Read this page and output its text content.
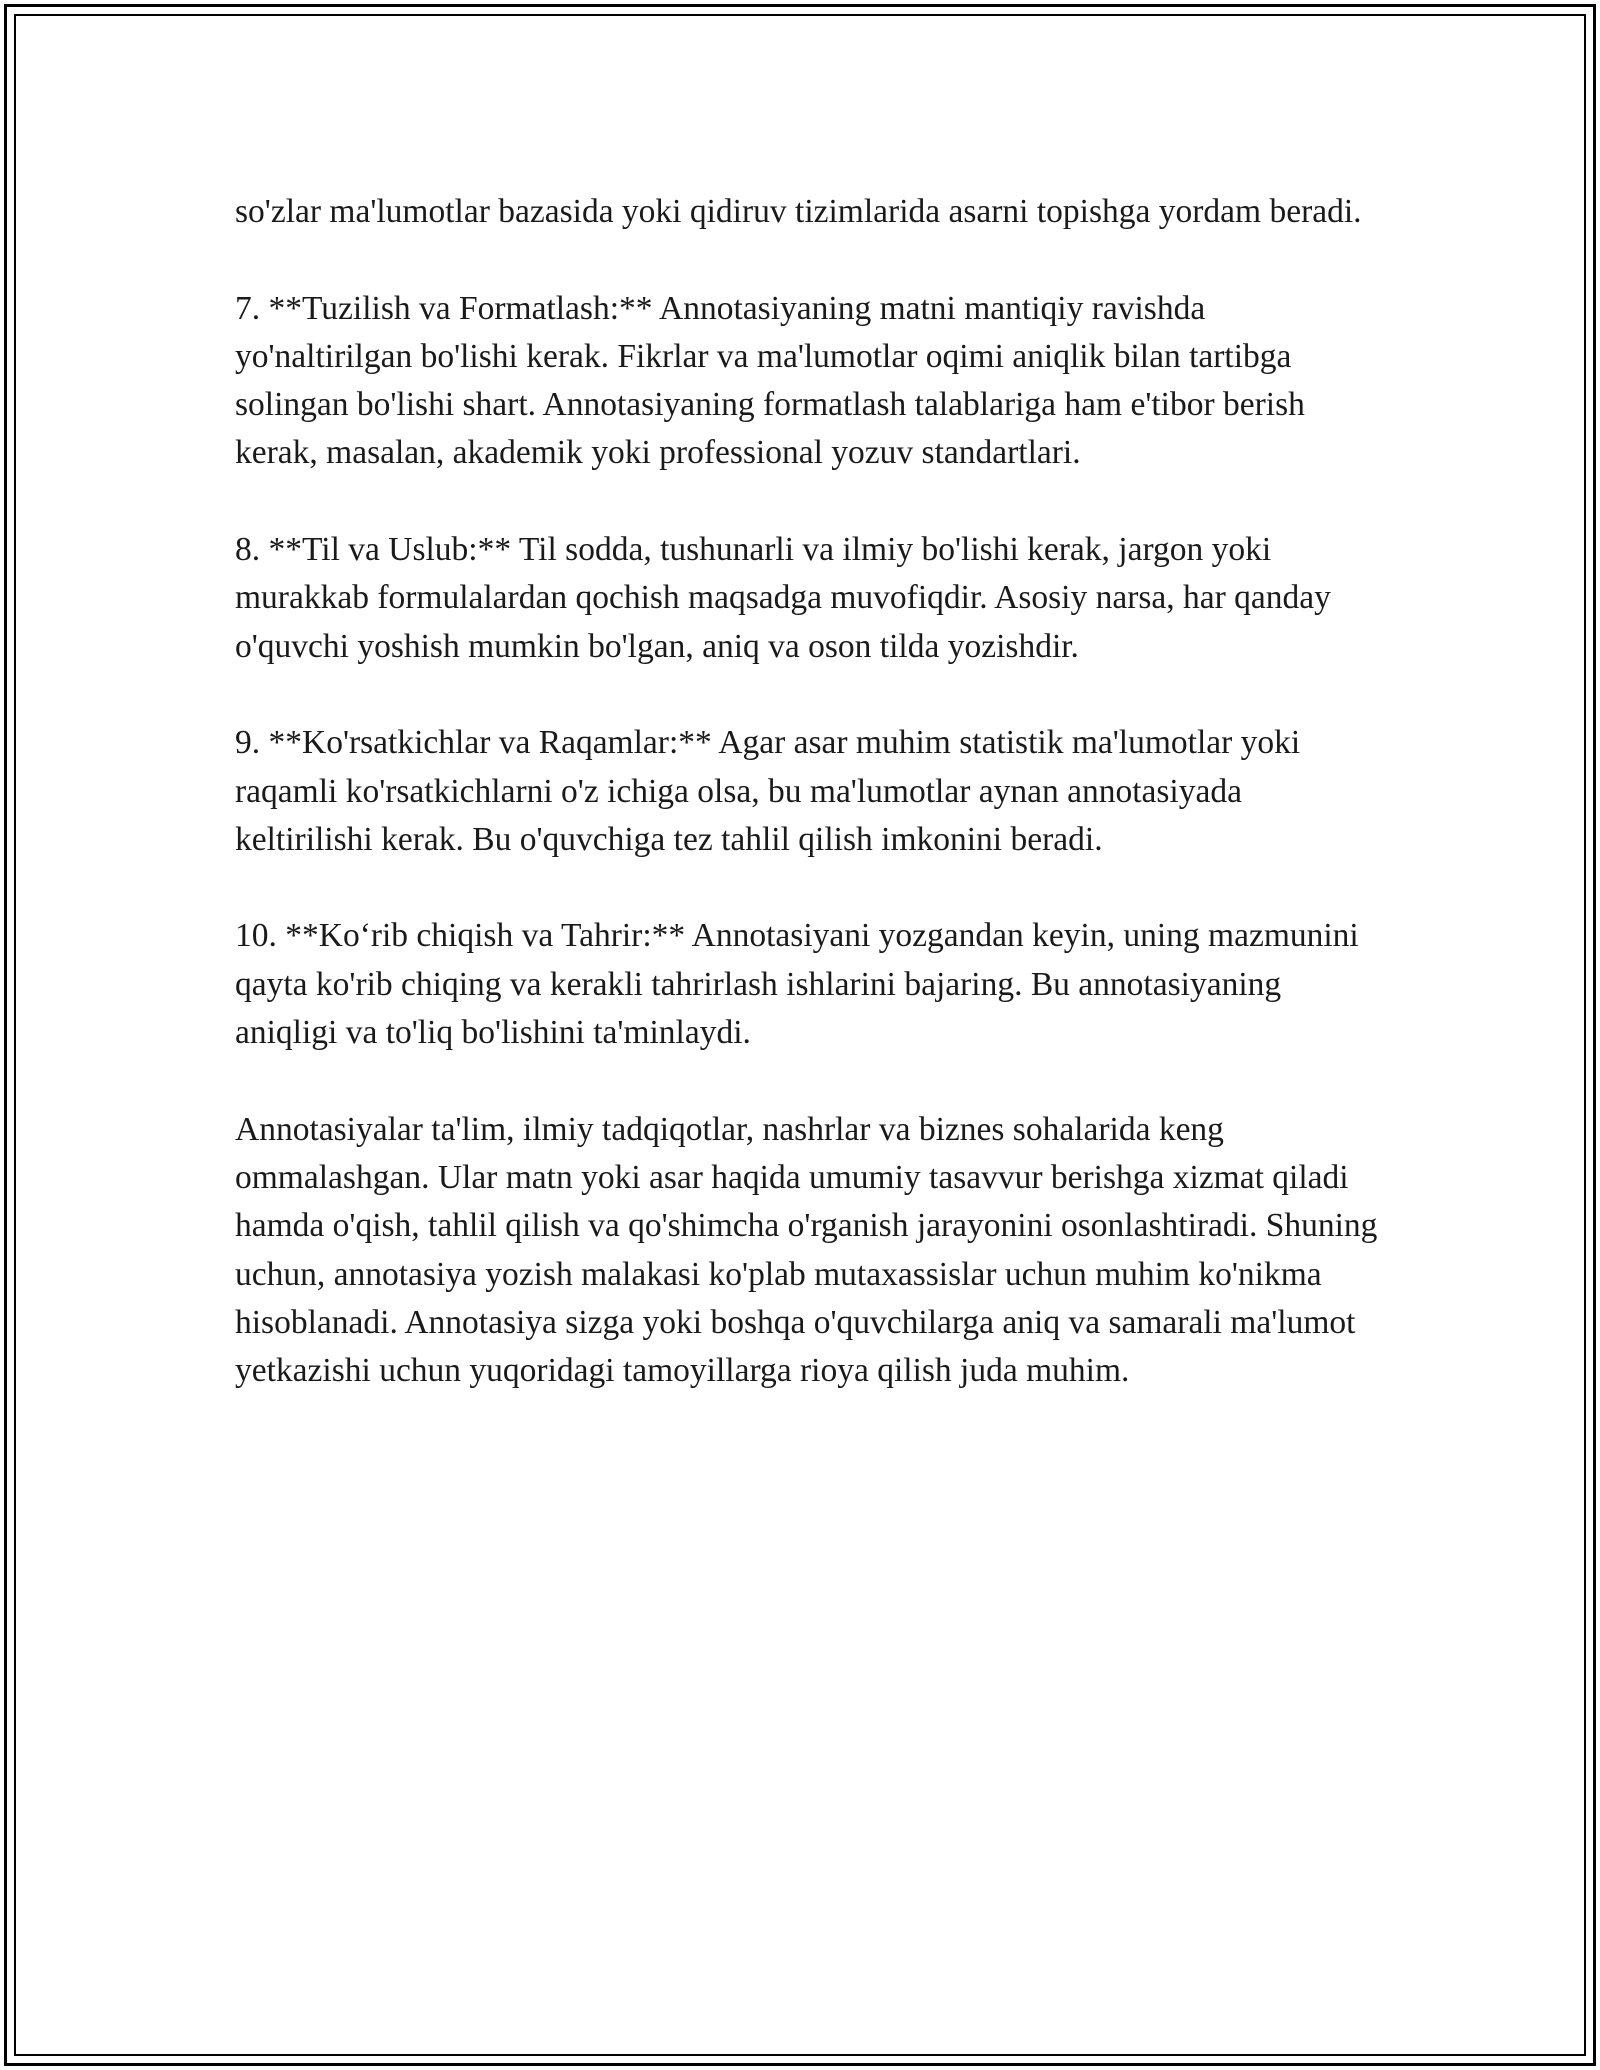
so'zlar ma'lumotlar bazasida yoki qidiruv tizimlarida asarni topishga yordam beradi.

7. **Tuzilish va Formatlash:** Annotasiyaning matni mantiqiy ravishda yo'naltirilgan bo'lishi kerak. Fikrlar va ma'lumotlar oqimi aniqlik bilan tartibga solingan bo'lishi shart. Annotasiyaning formatlash talablariga ham e'tibor berish kerak, masalan, akademik yoki professional yozuv standartlari.

8. **Til va Uslub:** Til sodda, tushunarli va ilmiy bo'lishi kerak, jargon yoki murakkab formulalardan qochish maqsadga muvofiqdir. Asosiy narsa, har qanday o'quvchi yoshish mumkin bo'lgan, aniq va oson tilda yozishdir.

9. **Ko'rsatkichlar va Raqamlar:** Agar asar muhim statistik ma'lumotlar yoki raqamli ko'rsatkichlarni o'z ichiga olsa, bu ma'lumotlar aynan annotasiyada keltirilishi kerak. Bu o'quvchiga tez tahlil qilish imkonini beradi.

10. **Koʻrib chiqish va Tahrir:** Annotasiyani yozgandan keyin, uning mazmunini qayta ko'rib chiqing va kerakli tahrirlash ishlarini bajaring. Bu annotasiyaning aniqligi va to'liq bo'lishini ta'minlaydi.

Annotasiyalar ta'lim, ilmiy tadqiqotlar, nashrlar va biznes sohalarida keng ommalashgan. Ular matn yoki asar haqida umumiy tasavvur berishga xizmat qiladi hamda o'qish, tahlil qilish va qo'shimcha o'rganish jarayonini osonlashtiradi. Shuning uchun, annotasiya yozish malakasi ko'plab mutaxassislar uchun muhim ko'nikma hisoblanadi. Annotasiya sizga yoki boshqa o'quvchilarga aniq va samarali ma'lumot yetkazishi uchun yuqoridagi tamoyillarga rioya qilish juda muhim.
